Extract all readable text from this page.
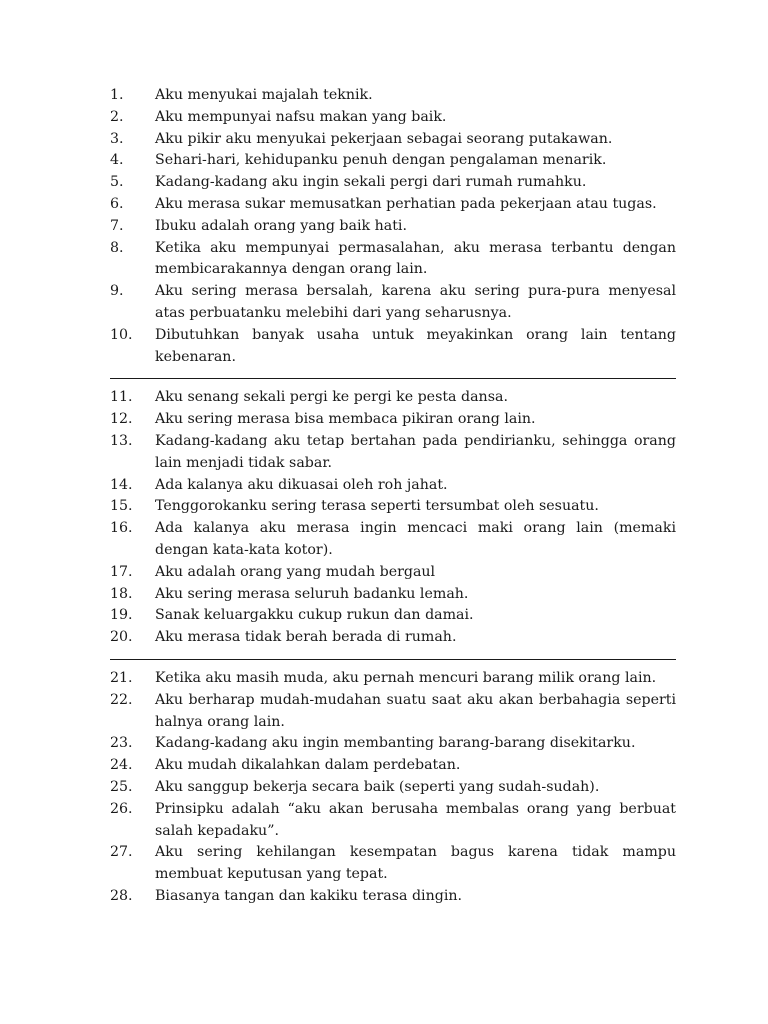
1.	Aku menyukai majalah teknik.
2.	Aku mempunyai nafsu makan yang baik.
3.	Aku pikir aku menyukai pekerjaan sebagai seorang putakawan.
4.	Sehari-hari, kehidupanku penuh dengan pengalaman menarik.
5.	Kadang-kadang aku ingin sekali pergi dari rumah rumahku.
6.	Aku merasa sukar memusatkan perhatian pada pekerjaan atau tugas.
7.	Ibuku adalah orang yang baik hati.
8.	Ketika aku mempunyai permasalahan, aku merasa terbantu dengan membicarakannya dengan orang lain.
9.	Aku sering merasa bersalah, karena aku sering pura-pura menyesal atas perbuatanku melebihi dari yang seharusnya.
10.	Dibutuhkan banyak usaha untuk meyakinkan orang lain tentang kebenaran.
11.	Aku senang sekali pergi ke pergi ke pesta dansa.
12.	Aku sering merasa bisa membaca pikiran orang lain.
13.	Kadang-kadang aku tetap bertahan pada pendirianku, sehingga orang lain menjadi tidak sabar.
14.	Ada kalanya aku dikuasai oleh roh jahat.
15.	Tenggorokanku sering terasa seperti tersumbat oleh sesuatu.
16.	Ada kalanya aku merasa ingin mencaci maki orang lain (memaki dengan kata-kata kotor).
17.	Aku adalah orang yang mudah bergaul
18.	Aku sering merasa seluruh badanku lemah.
19.	Sanak keluargakku cukup rukun dan damai.
20.	Aku merasa tidak berah berada di rumah.
21.	Ketika aku masih muda, aku pernah mencuri barang milik orang lain.
22.	Aku berharap mudah-mudahan suatu saat aku akan berbahagia seperti halnya orang lain.
23.	Kadang-kadang aku ingin membanting barang-barang disekitarku.
24.	Aku mudah dikalahkan dalam perdebatan.
25.	Aku sanggup bekerja secara baik (seperti yang sudah-sudah).
26.	Prinsipku adalah “aku akan berusaha membalas orang yang berbuat salah kepadaku”.
27.	Aku sering kehilangan kesempatan bagus karena tidak mampu membuat keputusan yang tepat.
28.	Biasanya tangan dan kakiku terasa dingin.
